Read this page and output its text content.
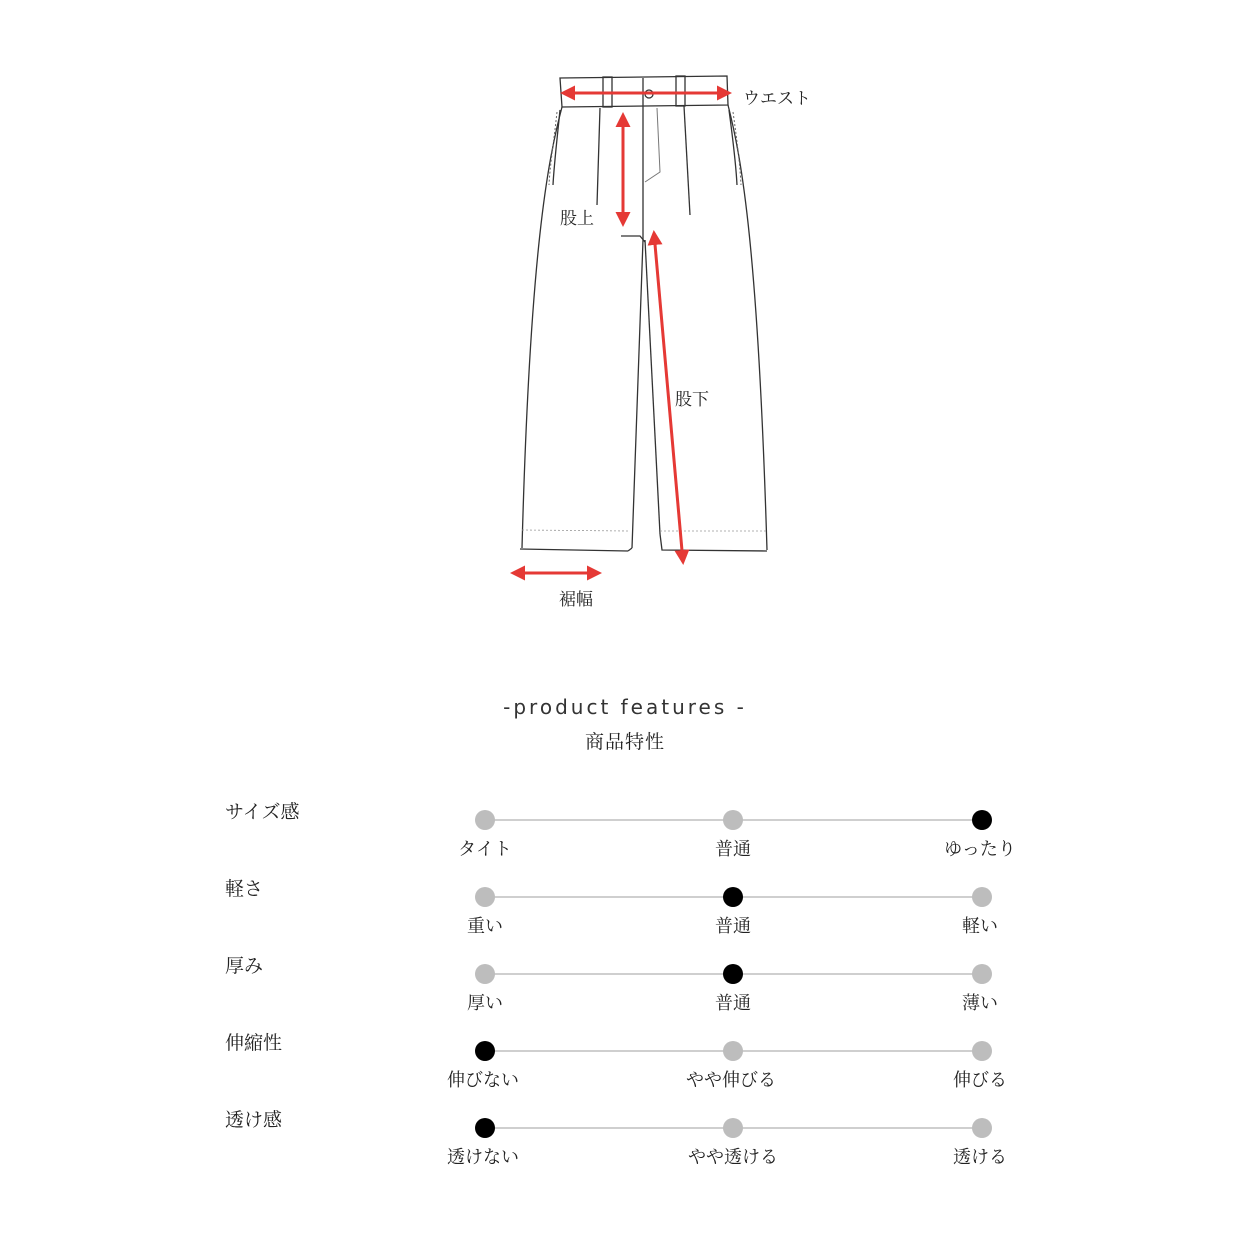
ウエスト
股上
股下
裾幅
-product features -
商品特性
サイズ感
タイト	普通	ゆったり
軽さ
重い	普通	軽い
厚み
厚い	普通	薄い
伸縮性
伸びない	やや伸びる	伸びる
透け感
透けない	やや透ける	透ける
